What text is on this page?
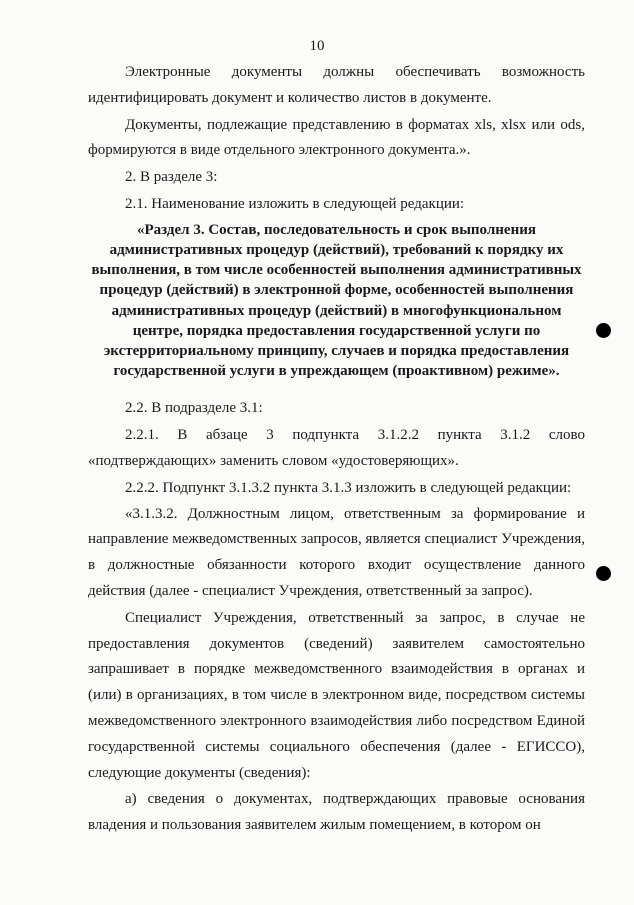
10

Электронные документы должны обеспечивать возможность идентифицировать документ и количество листов в документе.

Документы, подлежащие представлению в форматах xls, xlsx или ods, формируются в виде отдельного электронного документа.».

2. В разделе 3:

2.1. Наименование изложить в следующей редакции:

«Раздел 3. Состав, последовательность и срок выполнения
административных процедур (действий), требований к порядку их
выполнения, в том числе особенностей выполнения административных
процедур (действий) в электронной форме, особенностей выполнения
административных процедур (действий) в многофункциональном
центре, порядка предоставления государственной услуги по
экстерриториальному принципу, случаев и порядка предоставления
государственной услуги в упреждающем (проактивном) режиме».

2.2. В подразделе 3.1:

2.2.1. В абзаце 3 подпункта 3.1.2.2 пункта 3.1.2 слово «подтверждающих» заменить словом «удостоверяющих».

2.2.2. Подпункт 3.1.3.2 пункта 3.1.3 изложить в следующей редакции:

«3.1.3.2. Должностным лицом, ответственным за формирование и направление межведомственных запросов, является специалист Учреждения, в должностные обязанности которого входит осуществление данного действия (далее - специалист Учреждения, ответственный за запрос).

Специалист Учреждения, ответственный за запрос, в случае не предоставления документов (сведений) заявителем самостоятельно запрашивает в порядке межведомственного взаимодействия в органах и (или) в организациях, в том числе в электронном виде, посредством системы межведомственного электронного взаимодействия либо посредством Единой государственной системы социального обеспечения (далее - ЕГИССО), следующие документы (сведения):

а) сведения о документах, подтверждающих правовые основания владения и пользования заявителем жилым помещением, в котором он
